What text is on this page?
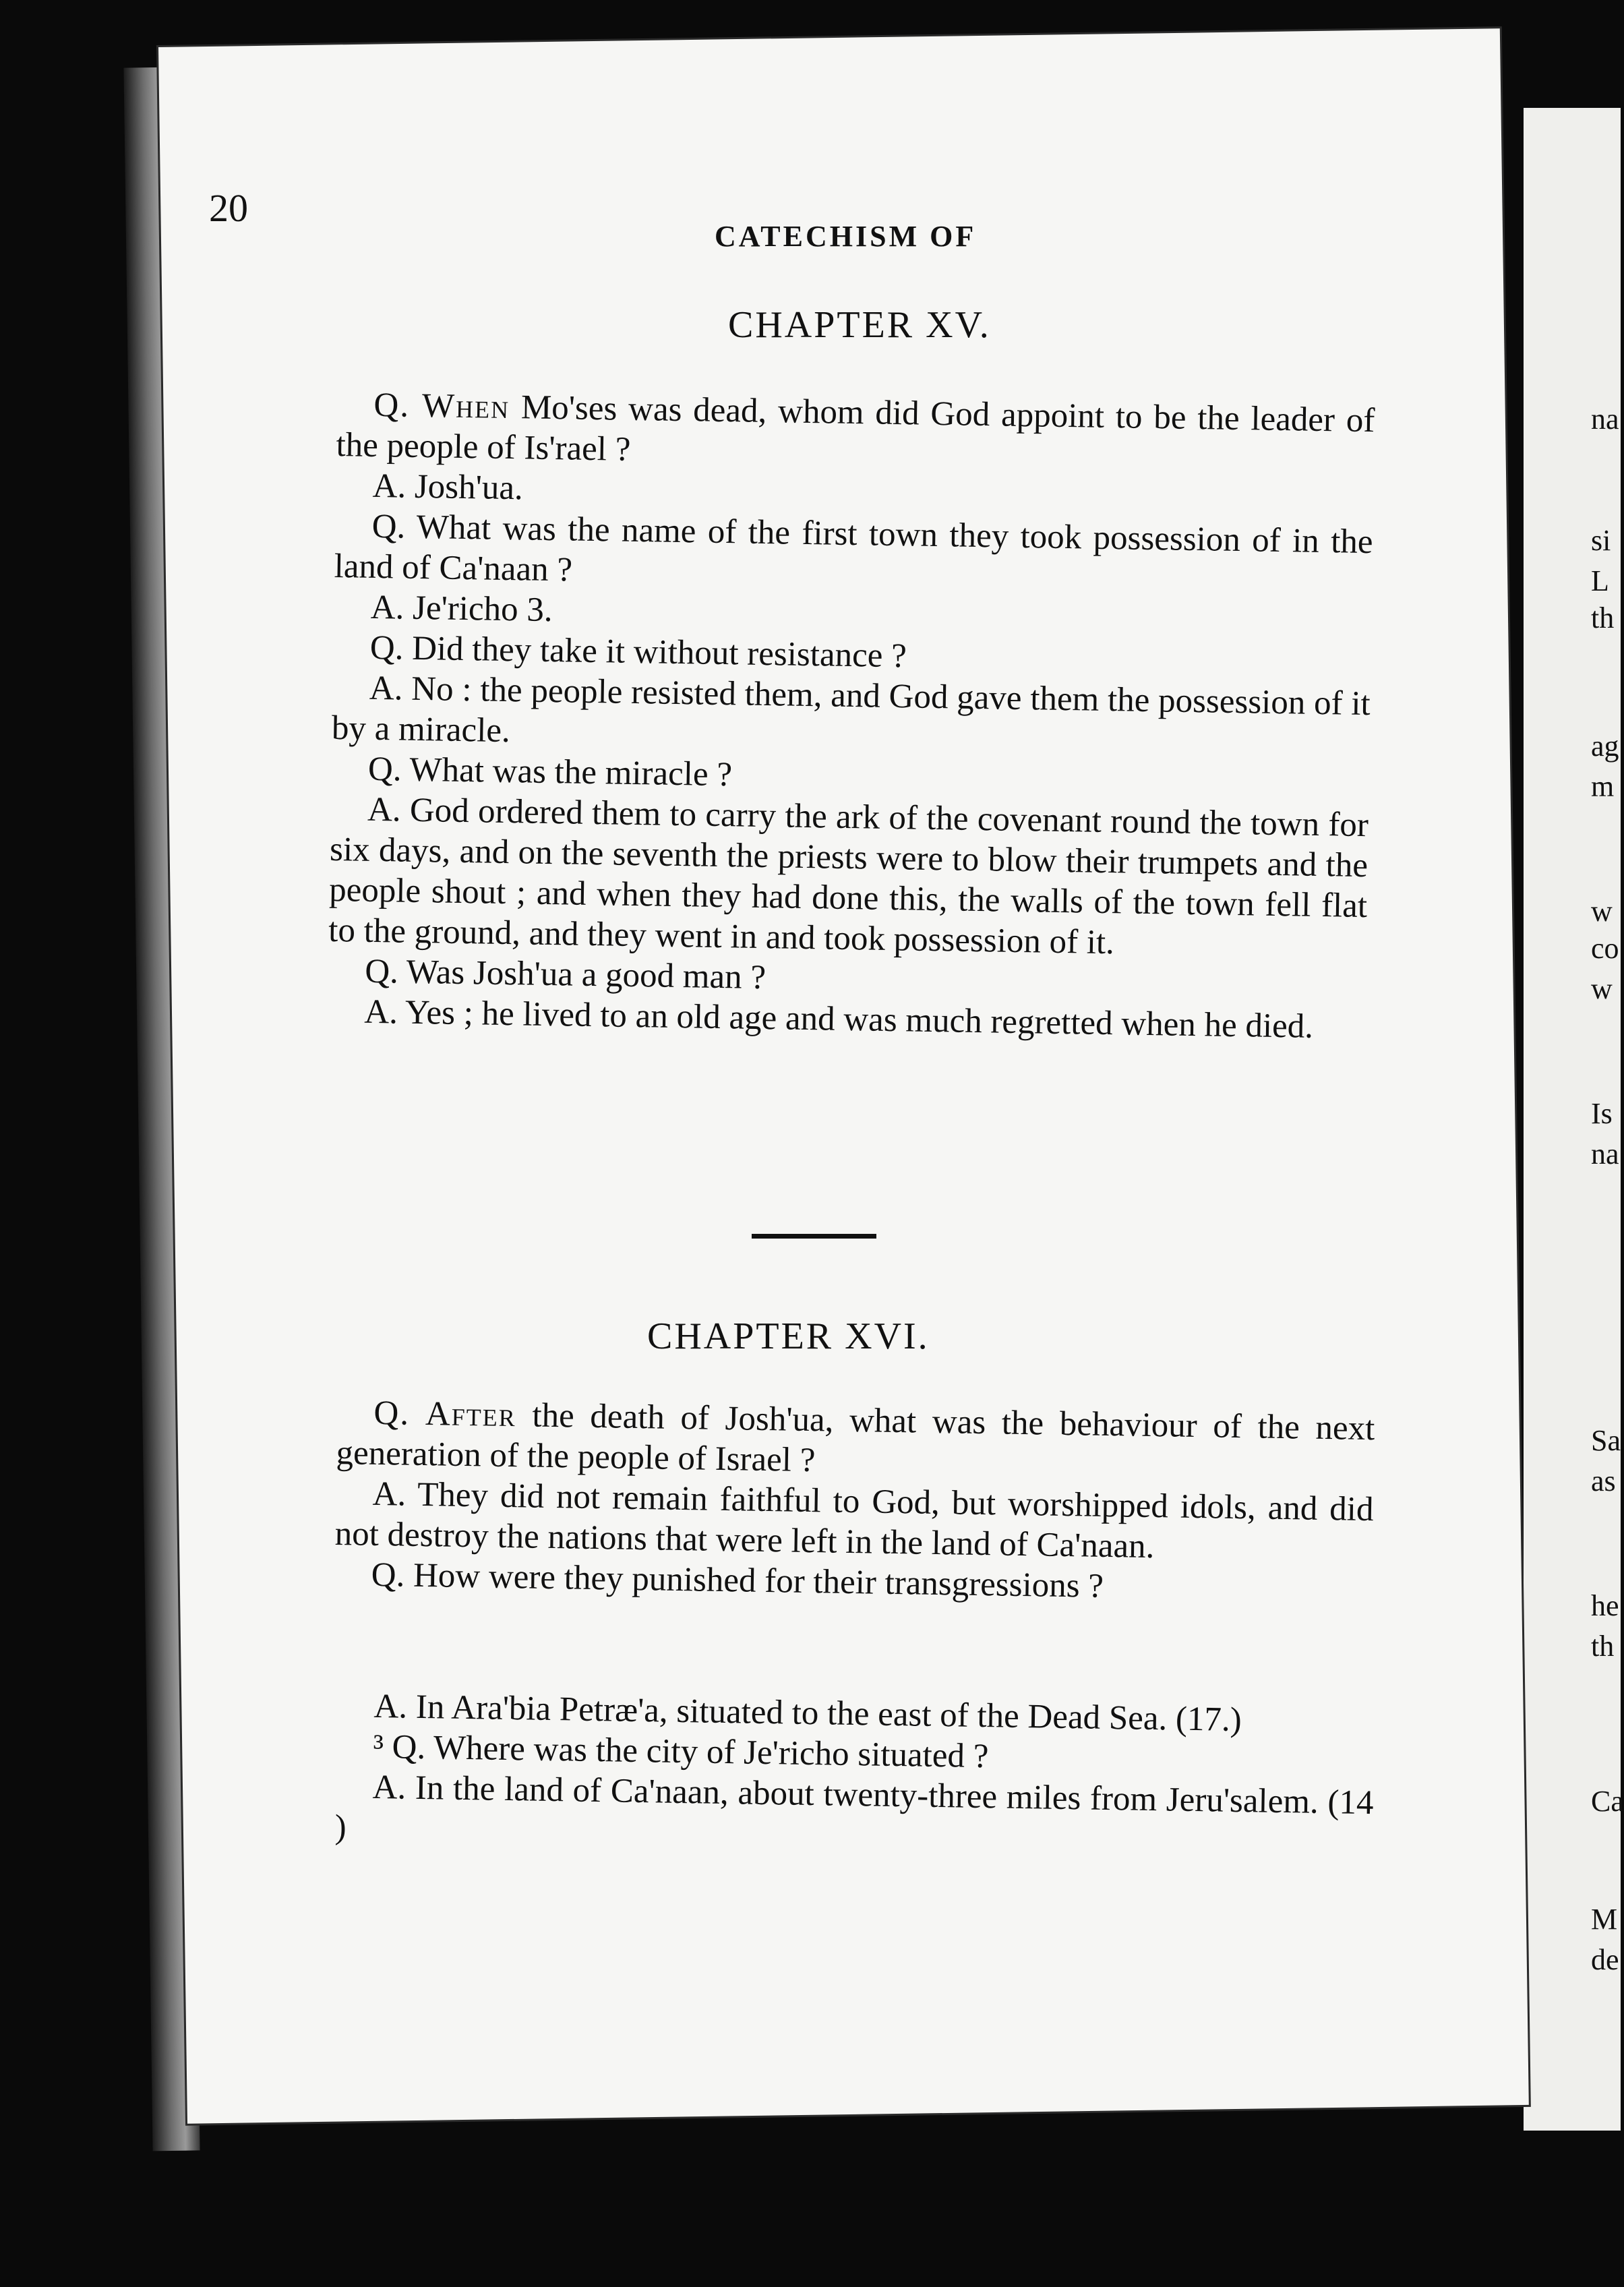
na
si
L
th
ag
m
w
co
w
Is
na
Sa
as
he
th
Ca
M
de
20
CATECHISM OF
CHAPTER XV.

Q. When Mo'ses was dead, whom did God appoint to be the leader of the people of Is'rael ?

A. Josh'ua.

Q. What was the name of the first town they took possession of in the land of Ca'naan ?

A. Je'richo 3.

Q. Did they take it without resistance ?

A. No : the people resisted them, and God gave them the possession of it by a miracle.

Q. What was the miracle ?

A. God ordered them to carry the ark of the covenant round the town for six days, and on the seventh the priests were to blow their trumpets and the people shout ; and when they had done this, the walls of the town fell flat to the ground, and they went in and took possession of it.

Q. Was Josh'ua a good man ?

A. Yes ; he lived to an old age and was much regretted when he died.

CHAPTER XVI.

Q. After the death of Josh'ua, what was the behaviour of the next generation of the people of Israel ?

A. They did not remain faithful to God, but worshipped idols, and did not destroy the nations that were left in the land of Ca'naan.

Q. How were they punished for their transgressions ?

A. In Ara'bia Petræ'a, situated to the east of the Dead Sea. (17.)

³ Q. Where was the city of Je'richo situated ?

A. In the land of Ca'naan, about twenty-three miles from Jeru'salem. (14 )
